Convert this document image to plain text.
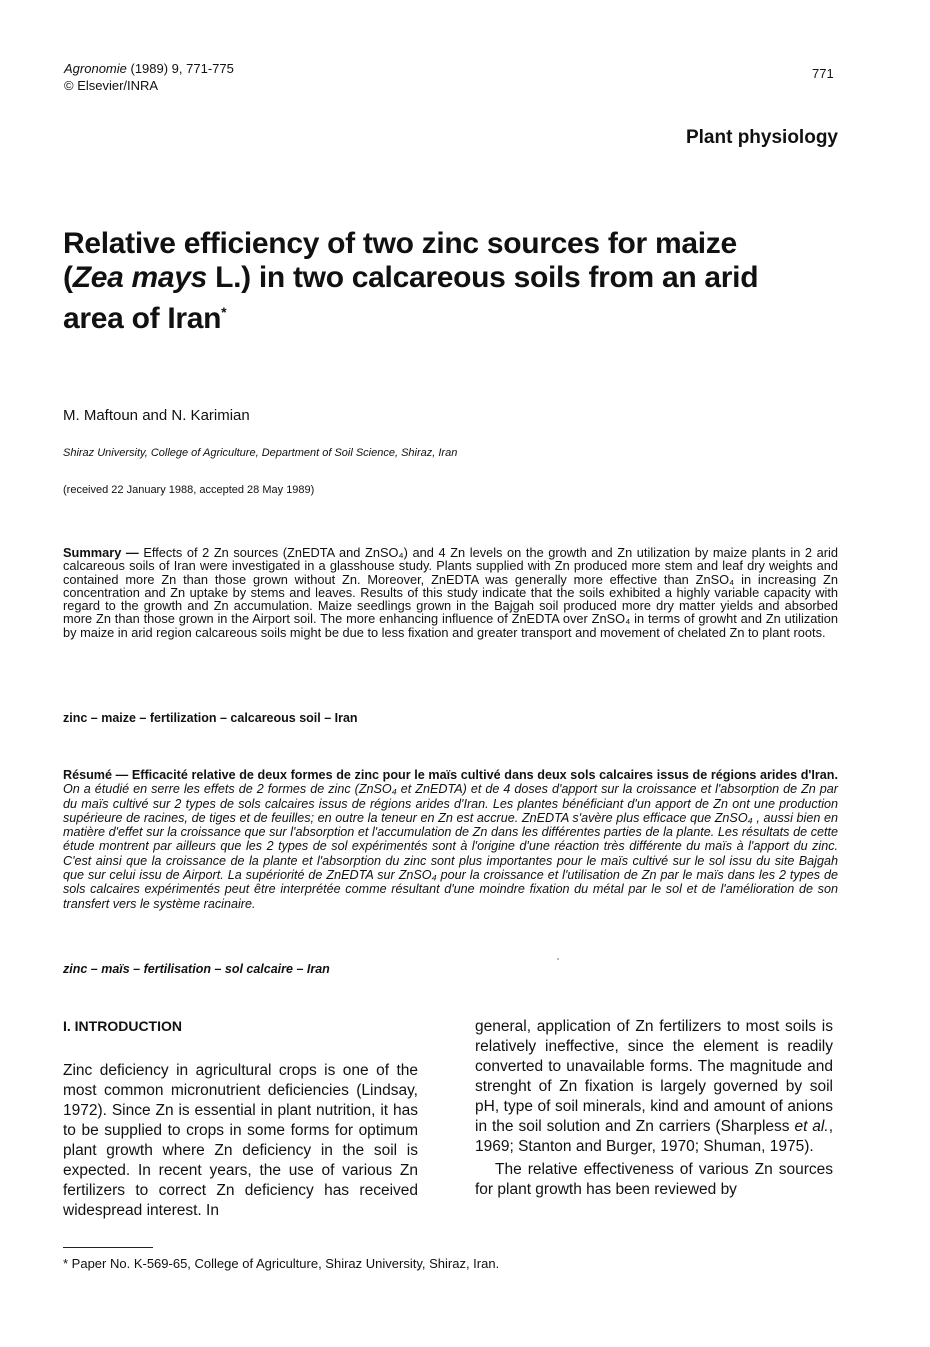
Agronomie (1989) 9, 771-775
© Elsevier/INRA
771
Plant physiology
Relative efficiency of two zinc sources for maize
(Zea mays L.) in two calcareous soils from an arid
area of Iran*
M. Maftoun and N. Karimian
Shiraz University, College of Agriculture, Department of Soil Science, Shiraz, Iran
(received 22 January 1988, accepted 28 May 1989)
Summary — Effects of 2 Zn sources (ZnEDTA and ZnSO₄) and 4 Zn levels on the growth and Zn utilization by maize plants in 2 arid calcareous soils of Iran were investigated in a glasshouse study. Plants supplied with Zn produced more stem and leaf dry weights and contained more Zn than those grown without Zn. Moreover, ZnEDTA was generally more effective than ZnSO₄ in increasing Zn concentration and Zn uptake by stems and leaves. Results of this study indicate that the soils exhibited a highly variable capacity with regard to the growth and Zn accumulation. Maize seedlings grown in the Bajgah soil produced more dry matter yields and absorbed more Zn than those grown in the Airport soil. The more enhancing influence of ZnEDTA over ZnSO₄ in terms of growht and Zn utilization by maize in arid region calcareous soils might be due to less fixation and greater transport and movement of chelated Zn to plant roots.
zinc – maize – fertilization – calcareous soil – Iran
Résumé — Efficacité relative de deux formes de zinc pour le maïs cultivé dans deux sols calcaires issus de régions arides d'Iran. On a étudié en serre les effets de 2 formes de zinc (ZnSO₄ et ZnEDTA) et de 4 doses d'apport sur la croissance et l'absorption de Zn par du maïs cultivé sur 2 types de sols calcaires issus de régions arides d'Iran. Les plantes bénéficiant d'un apport de Zn ont une production supérieure de racines, de tiges et de feuilles; en outre la teneur en Zn est accrue. ZnEDTA s'avère plus efficace que ZnSO₄ , aussi bien en matière d'effet sur la croissance que sur l'absorption et l'accumulation de Zn dans les différentes parties de la plante. Les résultats de cette étude montrent par ailleurs que les 2 types de sol expérimentés sont à l'origine d'une réaction très différente du maïs à l'apport du zinc. C'est ainsi que la croissance de la plante et l'absorption du zinc sont plus importantes pour le maïs cultivé sur le sol issu du site Bajgah que sur celui issu de Airport. La supériorité de ZnEDTA sur ZnSO₄ pour la croissance et l'utilisation de Zn par le maïs dans les 2 types de sols calcaires expérimentés peut être interprétée comme résultant d'une moindre fixation du métal par le sol et de l'amélioration de son transfert vers le système racinaire.
zinc – maïs – fertilisation – sol calcaire – Iran
I. INTRODUCTION

Zinc deficiency in agricultural crops is one of the most common micronutrient deficiencies (Lindsay, 1972). Since Zn is essential in plant nutrition, it has to be supplied to crops in some forms for optimum plant growth where Zn deficiency in the soil is expected. In recent years, the use of various Zn fertilizers to correct Zn deficiency has received widespread interest. In

general, application of Zn fertilizers to most soils is relatively ineffective, since the element is readily converted to unavailable forms. The magnitude and strenght of Zn fixation is largely governed by soil pH, type of soil minerals, kind and amount of anions in the soil solution and Zn carriers (Sharpless et al., 1969; Stanton and Burger, 1970; Shuman, 1975).

The relative effectiveness of various Zn sources for plant growth has been reviewed by

* Paper No. K-569-65, College of Agriculture, Shiraz University, Shiraz, Iran.
